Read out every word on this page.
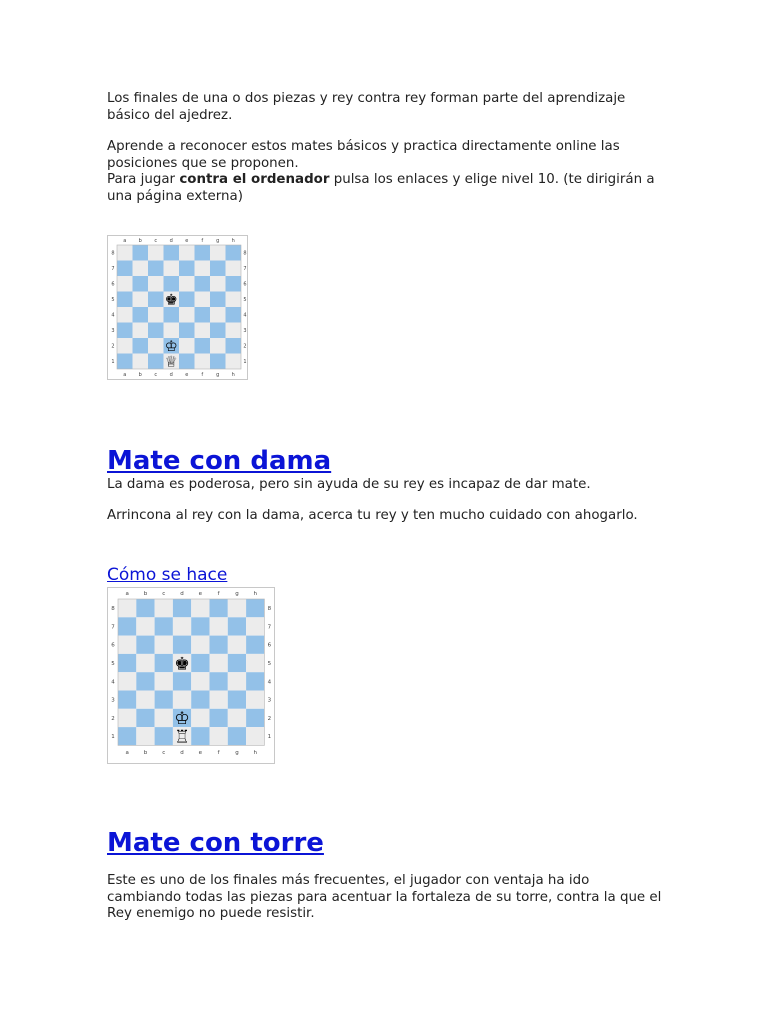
Los finales de una o dos piezas y rey contra rey forman parte del aprendizaje básico del ajedrez.

Aprende a reconocer estos mates básicos y practica directamente online las posiciones que se proponen.

Para jugar contra el ordenador pulsa los enlaces y elige nivel 10. (te dirigirán a una página externa)

a
a
b
b
c
c
d
d
e
e
f
f
g
g
h
h
8	8
7	7
6	6
5	5
4	4
3	3
2	2
1	1
♚
♔
♕
Mate con dama

La dama es poderosa, pero sin ayuda de su rey es incapaz de dar mate.

Arrincona al rey con la dama, acerca tu rey y ten mucho cuidado con ahogarlo.

Cómo se hace
a
a
b
b
c
c
d
d
e
e
f
f
g
g
h
h
8	8
7	7
6	6
5	5
4	4
3	3
2	2
1	1
♚
♔
♖
Mate con torre

Este es uno de los finales más frecuentes, el jugador con ventaja ha ido cambiando todas las piezas para acentuar la fortaleza de su torre, contra la que el Rey enemigo no puede resistir.
